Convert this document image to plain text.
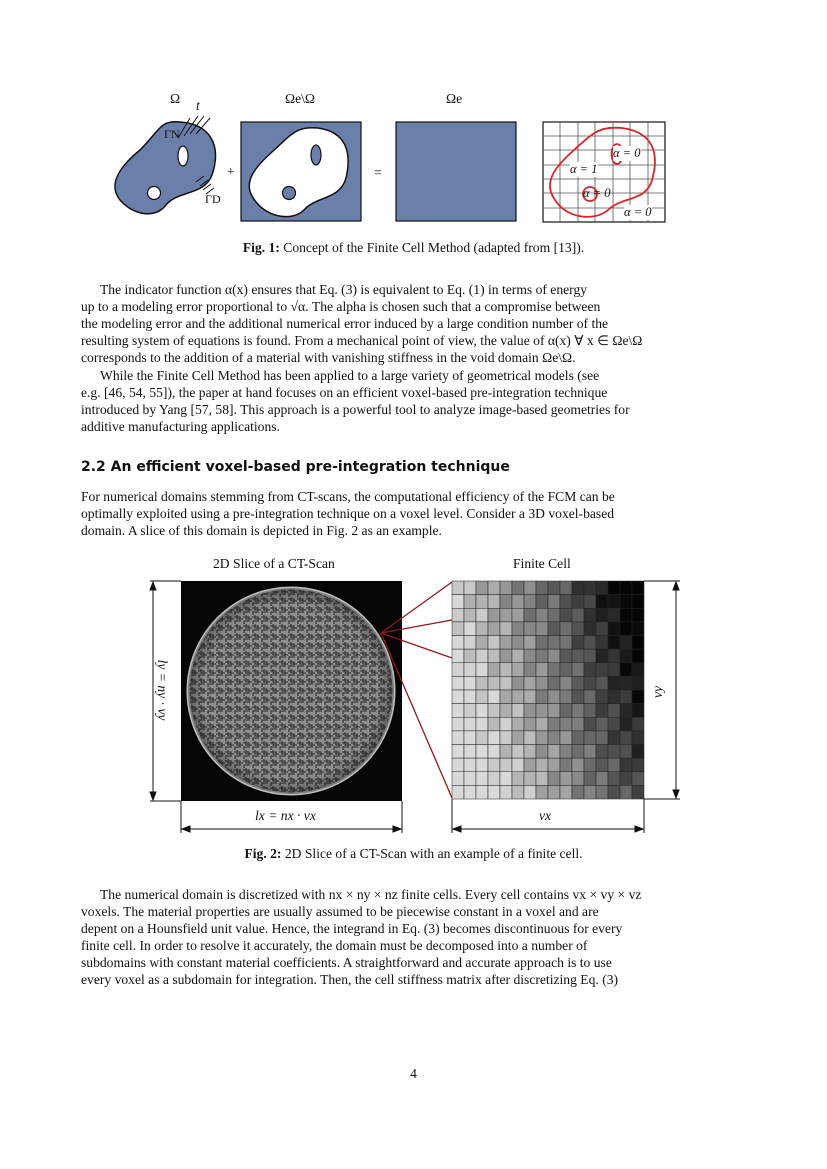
Ω	Ωe\Ω	Ωe
t
ΓN
ΓD
+	=	α = 1
α = 0
α = 0
α = 0
Fig. 1: Concept of the Finite Cell Method (adapted from [13]).
The indicator function α(x) ensures that Eq. (3) is equivalent to Eq. (1) in terms of energy
up to a modeling error proportional to √α. The alpha is chosen such that a compromise between
the modeling error and the additional numerical error induced by a large condition number of the
resulting system of equations is found. From a mechanical point of view, the value of α(x) ∀ x ∈ Ωe\Ω
corresponds to the addition of a material with vanishing stiffness in the void domain Ωe\Ω.
While the Finite Cell Method has been applied to a large variety of geometrical models (see
e.g. [46, 54, 55]), the paper at hand focuses on an efficient voxel-based pre-integration technique
introduced by Yang [57, 58]. This approach is a powerful tool to analyze image-based geometries for
additive manufacturing applications.
2.2 An efficient voxel-based pre-integration technique
For numerical domains stemming from CT-scans, the computational efficiency of the FCM can be
optimally exploited using a pre-integration technique on a voxel level. Consider a 3D voxel-based
domain. A slice of this domain is depicted in Fig. 2 as an example.
2D Slice of a CT-Scan	Finite Cell
ly = ny · vy
lx = nx · vx
vy
vx
Fig. 2: 2D Slice of a CT-Scan with an example of a finite cell.
The numerical domain is discretized with nx × ny × nz finite cells. Every cell contains vx × vy × vz
voxels. The material properties are usually assumed to be piecewise constant in a voxel and are
depent on a Hounsfield unit value. Hence, the integrand in Eq. (3) becomes discontinuous for every
finite cell. In order to resolve it accurately, the domain must be decomposed into a number of
subdomains with constant material coefficients. A straightforward and accurate approach is to use
every voxel as a subdomain for integration. Then, the cell stiffness matrix after discretizing Eq. (3)
4
